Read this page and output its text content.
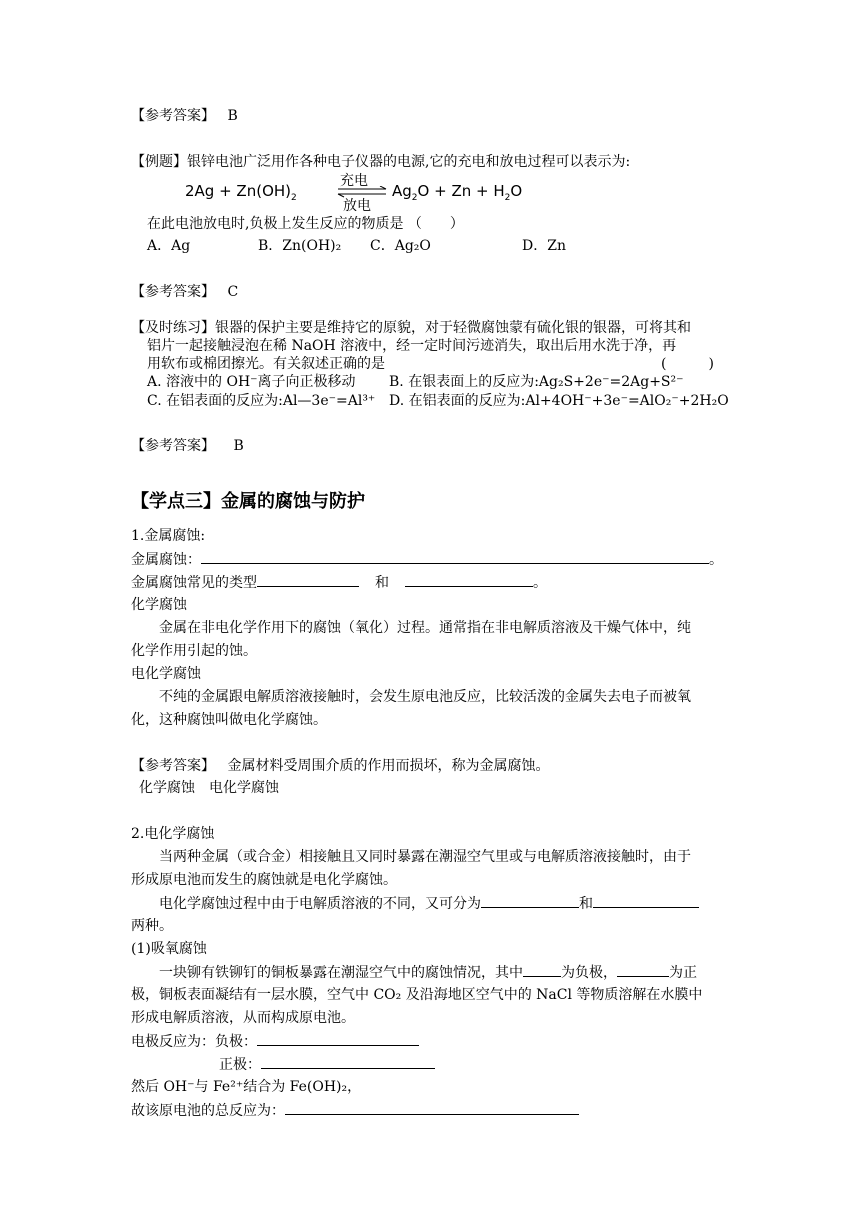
【参考答案】 B
【例题】银锌电池广泛用作各种电子仪器的电源,它的充电和放电过程可以表示为:
$2Ag + Zn(OH)_2$
充电
放电
$Ag_2O + Zn + H_2O$
在此电池放电时,负极上发生反应的物质是 （　　）
A．Ag	B．Zn(OH)₂ C．Ag₂O	D．Zn
【参考答案】 C
【及时练习】银器的保护主要是维持它的原貌，对于轻微腐蚀蒙有硫化银的银器，可将其和
铝片一起接触浸泡在稀 NaOH 溶液中，经一定时间污迹消失，取出后用水洗于净，再
用软布或棉团擦光。有关叙述正确的是	(　　　)
A. 溶液中的 OH⁻离子向正极移动 B. 在银表面上的反应为:Ag₂S+2e⁻=2Ag+S²⁻
C. 在铝表面的反应为:Al—3e⁻=Al³⁺ D. 在铝表面的反应为:Al+4OH⁻+3e⁻=AlO₂⁻+2H₂O
【参考答案】 B
【学点三】金属的腐蚀与防护
1.金属腐蚀:
金属腐蚀：	。
金属腐蚀常见的类型	和	。
化学腐蚀
金属在非电化学作用下的腐蚀（氧化）过程。通常指在非电解质溶液及干燥气体中，纯
化学作用引起的蚀。
电化学腐蚀
不纯的金属跟电解质溶液接触时，会发生原电池反应，比较活泼的金属失去电子而被氧
化，这种腐蚀叫做电化学腐蚀。
【参考答案】 金属材料受周围介质的作用而损坏，称为金属腐蚀。
化学腐蚀　电化学腐蚀
2.电化学腐蚀
当两种金属（或合金）相接触且又同时暴露在潮湿空气里或与电解质溶液接触时，由于
形成原电池而发生的腐蚀就是电化学腐蚀。
电化学腐蚀过程中由于电解质溶液的不同，又可分为	和
两种。
(1)吸氧腐蚀
一块铆有铁铆钉的铜板暴露在潮湿空气中的腐蚀情况，其中	为负极，	为正
极，铜板表面凝结有一层水膜，空气中 CO₂ 及沿海地区空气中的 NaCl 等物质溶解在水膜中
形成电解质溶液，从而构成原电池。
电极反应为：负极：
正极：
然后 OH⁻与 Fe²⁺结合为 Fe(OH)₂，
故该原电池的总反应为：
